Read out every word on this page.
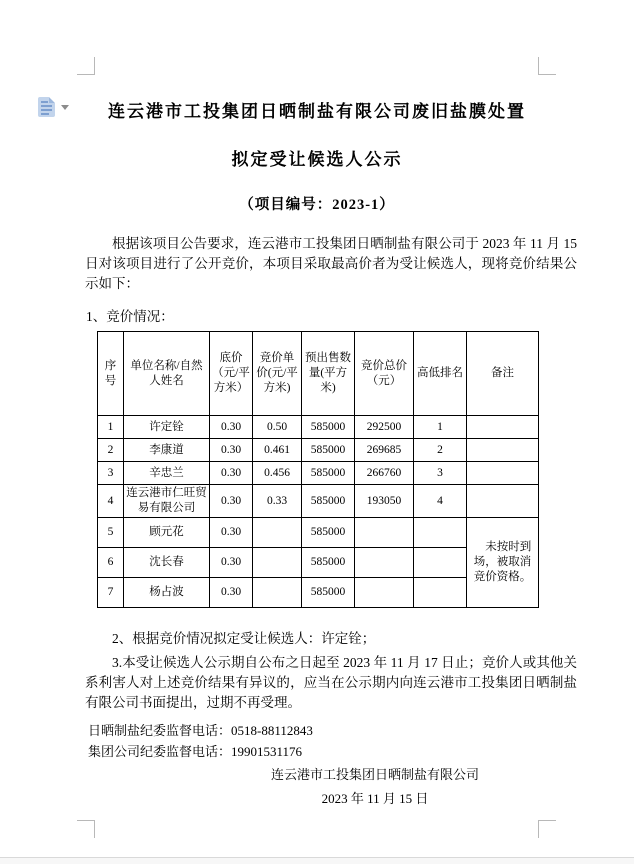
连云港市工投集团日晒制盐有限公司废旧盐膜处置
拟定受让候选人公示
（项目编号：2023-1）
根据该项目公告要求，连云港市工投集团日晒制盐有限公司于 2023 年 11 月 15 日对该项目进行了公开竞价，本项目采取最高价者为受让候选人，现将竞价结果公示如下：
1、竞价情况：
序号	单位名称/自然人姓名	底价（元/平方米）	竞价单价(元/平方米)	预出售数量(平方米)	竞价总价（元）	高低排名	备注
1	许定铨	0.30	0.50	585000	292500	1	
2	李康道	0.30	0.461	585000	269685	2	
3	辛忠兰	0.30	0.456	585000	266760	3	
4	连云港市仁旺贸易有限公司	0.30	0.33	585000	193050	4	
5	顾元花	0.30		585000			未按时到场，被取消竞价资格。
6	沈长春	0.30		585000			
7	杨占波	0.30		585000			
2、根据竞价情况拟定受让候选人：许定铨；
3.本受让候选人公示期自公布之日起至 2023 年 11 月 17 日止；竞价人或其他关系利害人对上述竞价结果有异议的，应当在公示期内向连云港市工投集团日晒制盐有限公司书面提出，过期不再受理。
日晒制盐纪委监督电话：0518-88112843
集团公司纪委监督电话：19901531176
连云港市工投集团日晒制盐有限公司
2023 年 11 月 15 日
